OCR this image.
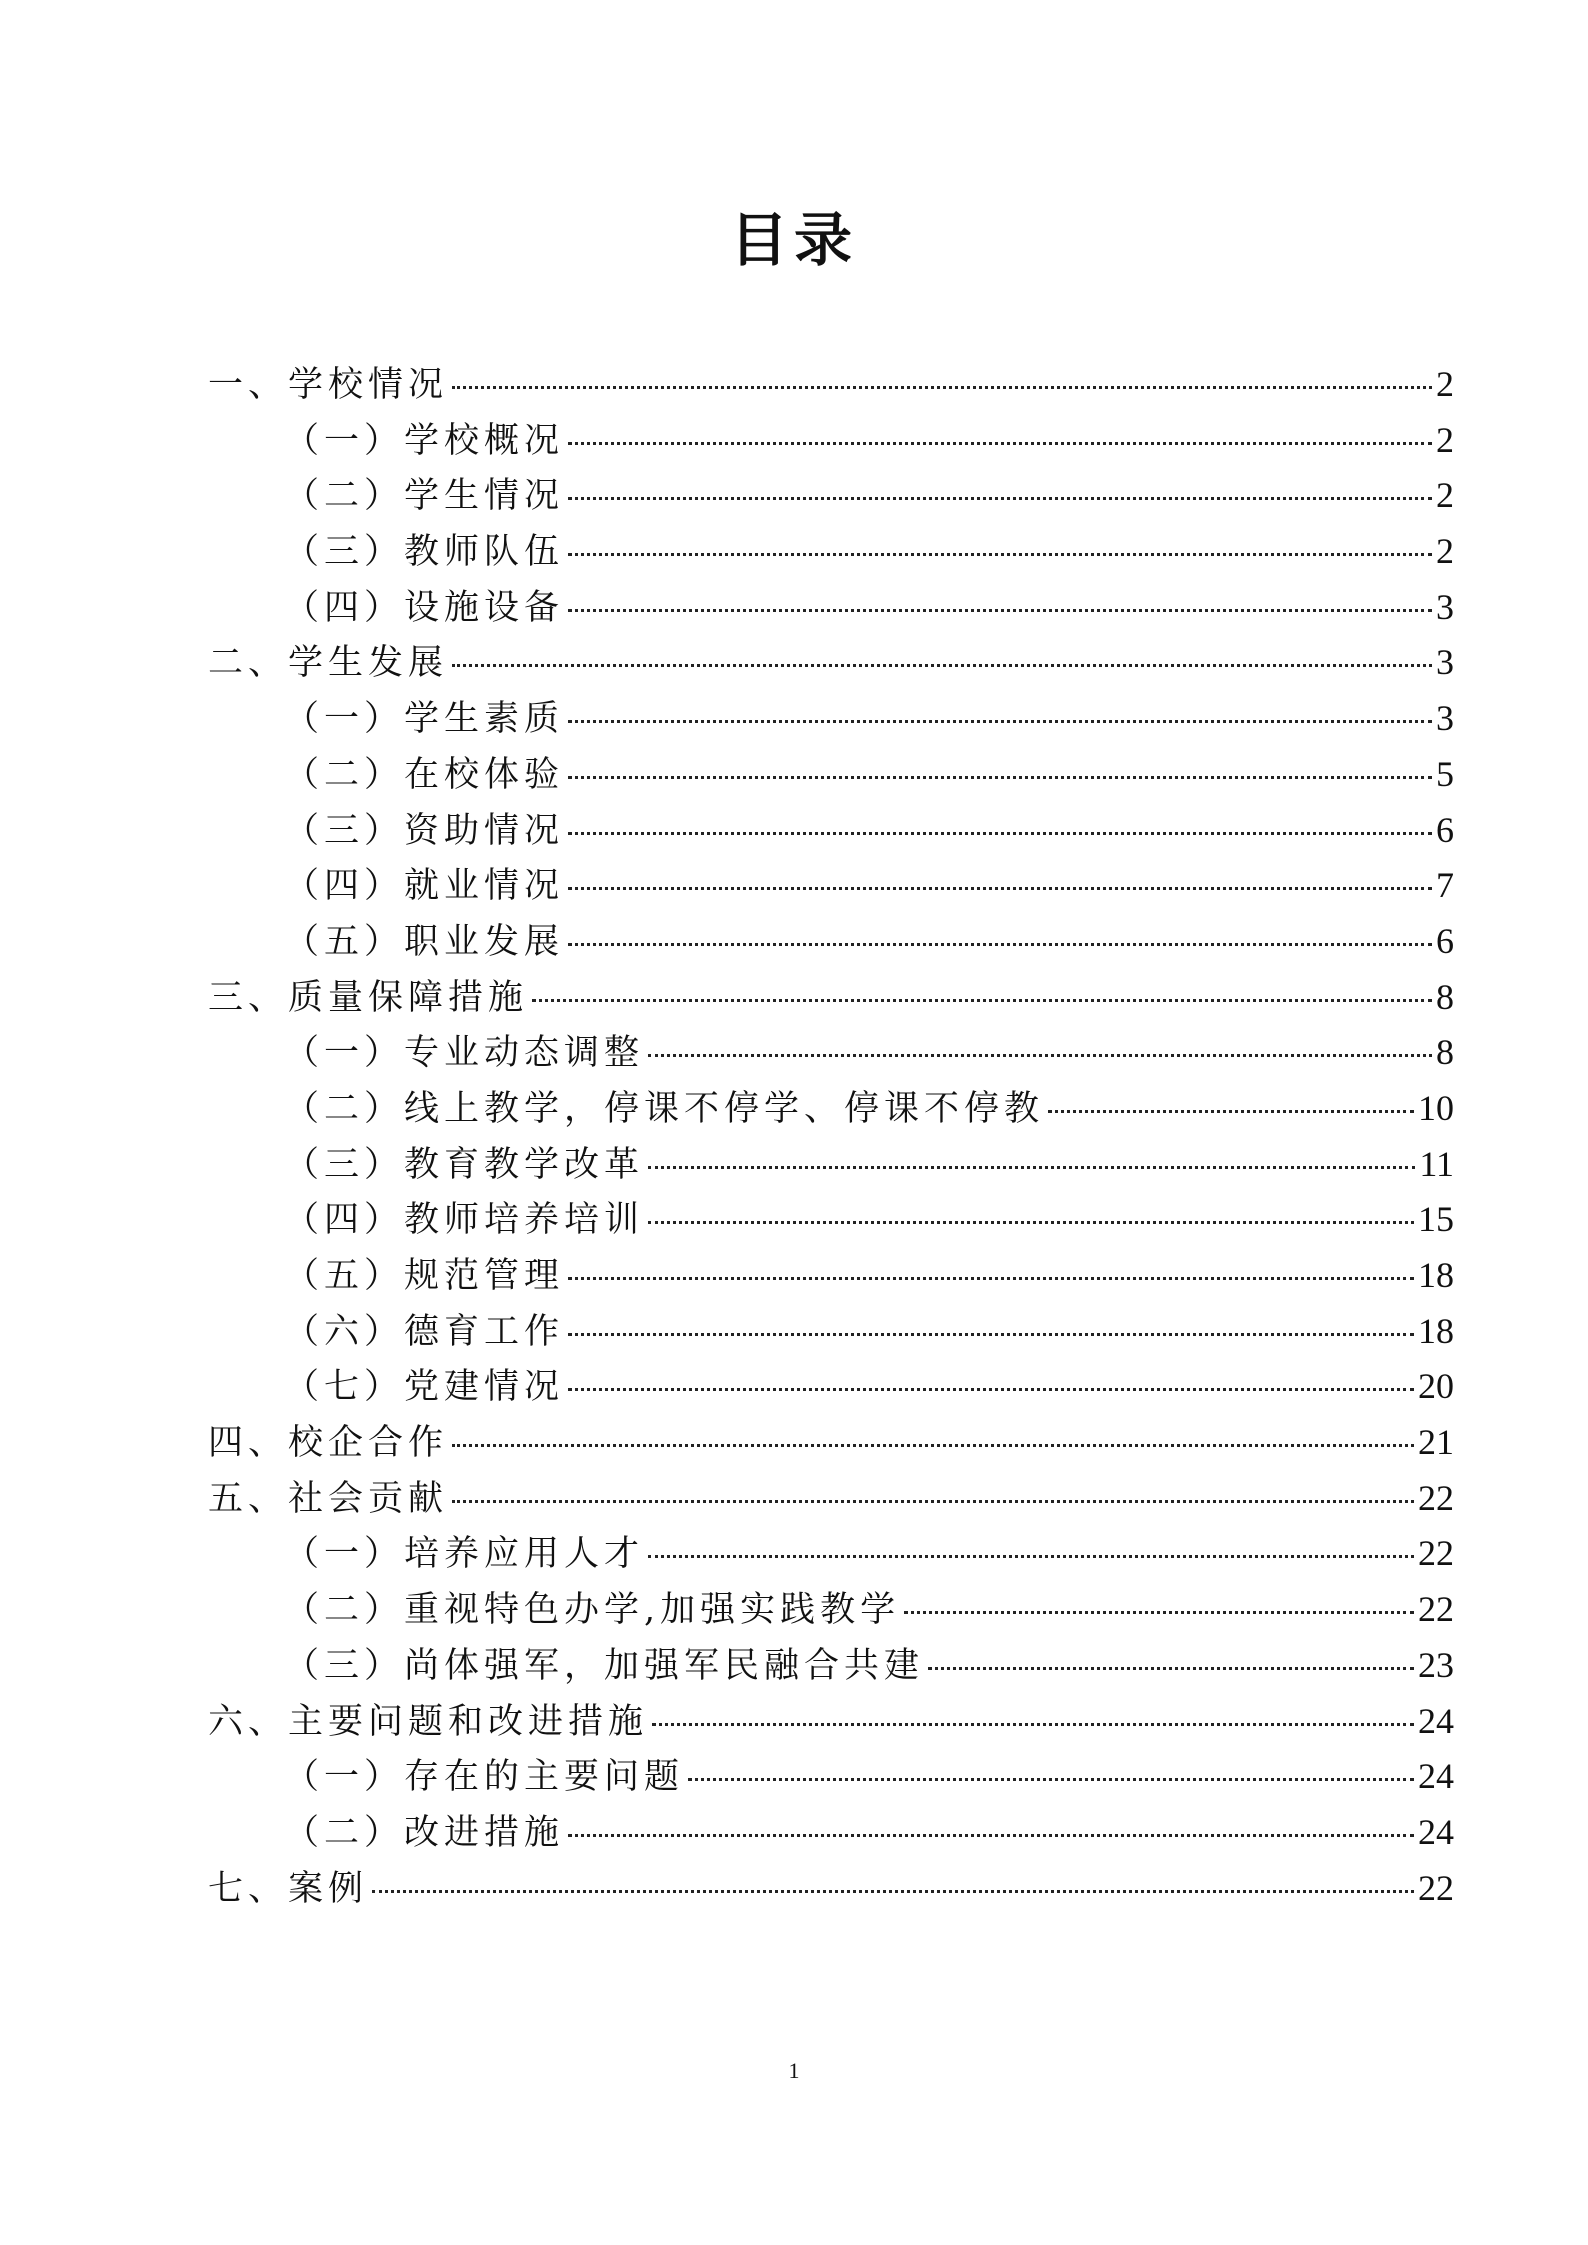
目录
一、学校情况	2
（一）学校概况	2
（二）学生情况	2
（三）教师队伍	2
（四）设施设备	3
二、学生发展	3
（一）学生素质	3
（二）在校体验	5
（三）资助情况	6
（四）就业情况	7
（五）职业发展	6
三、质量保障措施	8
（一）专业动态调整	8
（二）线上教学，停课不停学、停课不停教	10
（三）教育教学改革	11
（四）教师培养培训	15
（五）规范管理	18
（六）德育工作	18
（七）党建情况	20
四、校企合作	21
五、社会贡献	22
（一）培养应用人才	22
（二）重视特色办学,加强实践教学	22
（三）尚体强军，加强军民融合共建	23
六、主要问题和改进措施	24
（一）存在的主要问题	24
（二）改进措施	24
七、案例	22
1
